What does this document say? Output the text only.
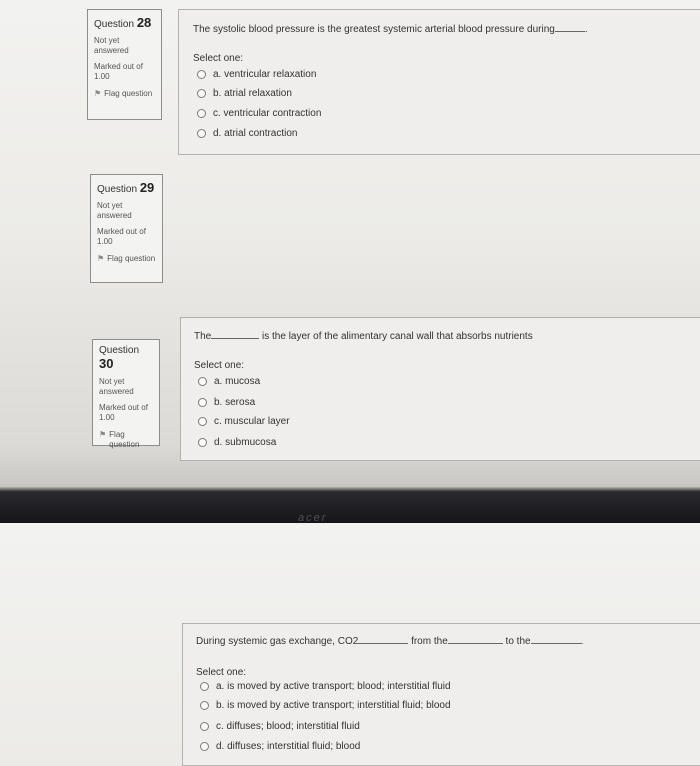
Question 28
Not yet answered
Marked out of 1.00
⚑ Flag question
The systolic blood pressure is the greatest systemic arterial blood pressure during	.
Select one:
a. ventricular relaxation
b. atrial relaxation
c. ventricular contraction
d. atrial contraction
Question 29
Not yet answered
Marked out of 1.00
⚑ Flag question
The	is the layer of the alimentary canal wall that absorbs nutrients
Select one:
a. mucosa
b. serosa
c. muscular layer
d. submucosa
Question 30
Not yet answered
Marked out of 1.00
⚑ Flag question
During systemic gas exchange, CO2	from the	to the	.
Select one:
a. is moved by active transport; blood; interstitial fluid
b. is moved by active transport; interstitial fluid; blood
c. diffuses; blood; interstitial fluid
d. diffuses; interstitial fluid; blood
acer
